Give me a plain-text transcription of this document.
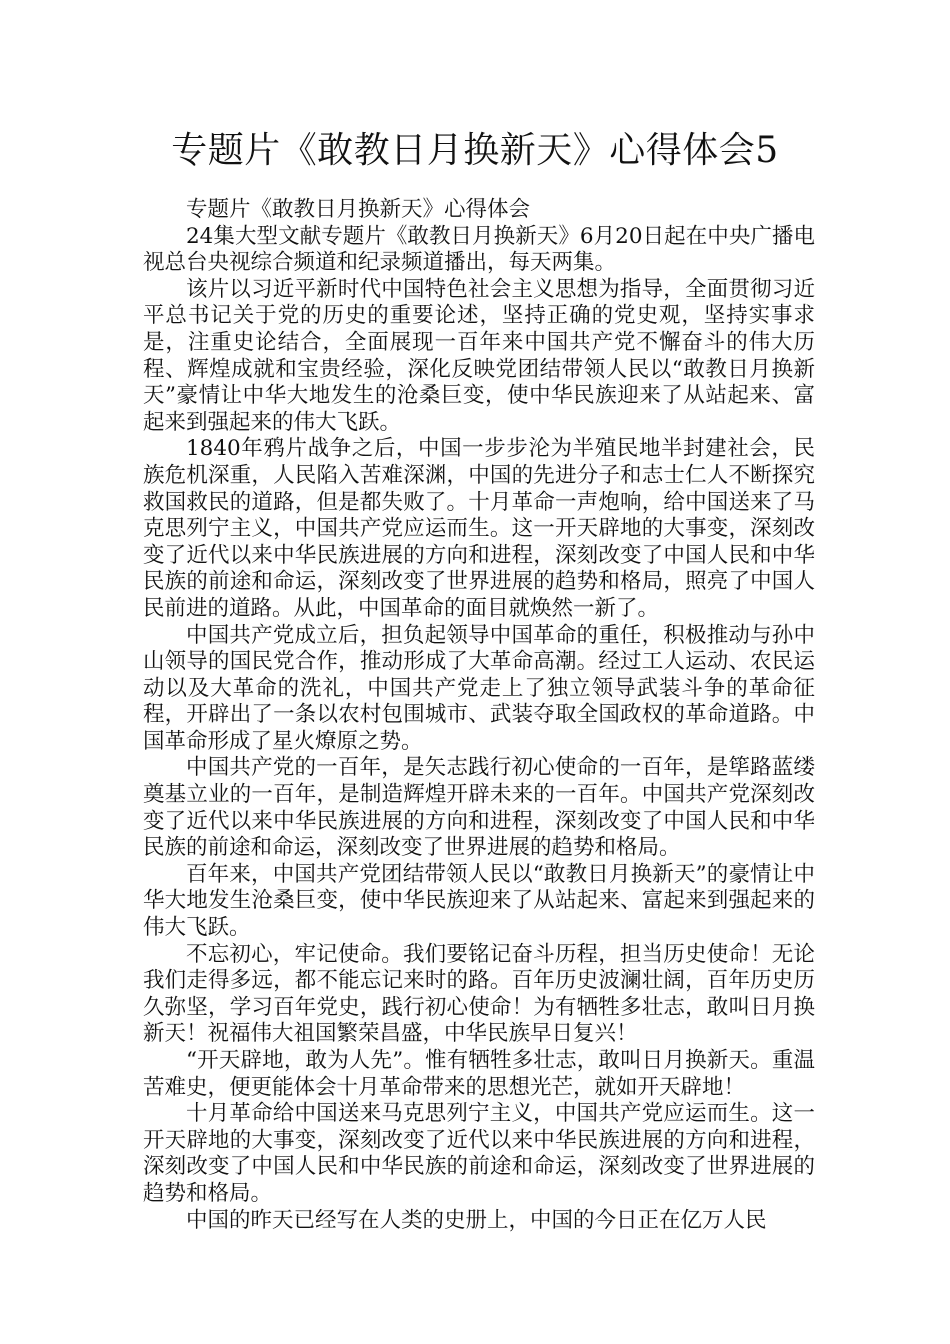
专题片《敢教日月换新天》心得体会5

专题片《敢教日月换新天》心得体会

24集大型文献专题片《敢教日月换新天》6月20日起在中央广播电视总台央视综合频道和纪录频道播出，每天两集。

该片以习近平新时代中国特色社会主义思想为指导，全面贯彻习近平总书记关于党的历史的重要论述，坚持正确的党史观，坚持实事求是，注重史论结合，全面展现一百年来中国共产党不懈奋斗的伟大历程、辉煌成就和宝贵经验，深化反映党团结带领人民以“敢教日月换新天”豪情让中华大地发生的沧桑巨变，使中华民族迎来了从站起来、富起来到强起来的伟大飞跃。

1840年鸦片战争之后，中国一步步沦为半殖民地半封建社会，民族危机深重，人民陷入苦难深渊，中国的先进分子和志士仁人不断探究救国救民的道路，但是都失败了。十月革命一声炮响，给中国送来了马克思列宁主义，中国共产党应运而生。这一开天辟地的大事变，深刻改变了近代以来中华民族进展的方向和进程，深刻改变了中国人民和中华民族的前途和命运，深刻改变了世界进展的趋势和格局，照亮了中国人民前进的道路。从此，中国革命的面目就焕然一新了。

中国共产党成立后，担负起领导中国革命的重任，积极推动与孙中山领导的国民党合作，推动形成了大革命高潮。经过工人运动、农民运动以及大革命的洗礼，中国共产党走上了独立领导武装斗争的革命征程，开辟出了一条以农村包围城市、武装夺取全国政权的革命道路。中国革命形成了星火燎原之势。

中国共产党的一百年，是矢志践行初心使命的一百年，是筚路蓝缕奠基立业的一百年，是制造辉煌开辟未来的一百年。中国共产党深刻改变了近代以来中华民族进展的方向和进程，深刻改变了中国人民和中华民族的前途和命运，深刻改变了世界进展的趋势和格局。

百年来，中国共产党团结带领人民以“敢教日月换新天”的豪情让中华大地发生沧桑巨变，使中华民族迎来了从站起来、富起来到强起来的伟大飞跃。

不忘初心，牢记使命。我们要铭记奋斗历程，担当历史使命！无论我们走得多远，都不能忘记来时的路。百年历史波澜壮阔，百年历史历久弥坚，学习百年党史，践行初心使命！为有牺牲多壮志，敢叫日月换新天！祝福伟大祖国繁荣昌盛，中华民族早日复兴！

“开天辟地，敢为人先”。惟有牺牲多壮志，敢叫日月换新天。重温苦难史，便更能体会十月革命带来的思想光芒，就如开天辟地！

十月革命给中国送来马克思列宁主义，中国共产党应运而生。这一开天辟地的大事变，深刻改变了近代以来中华民族进展的方向和进程，深刻改变了中国人民和中华民族的前途和命运，深刻改变了世界进展的趋势和格局。

中国的昨天已经写在人类的史册上，中国的今日正在亿万人民
